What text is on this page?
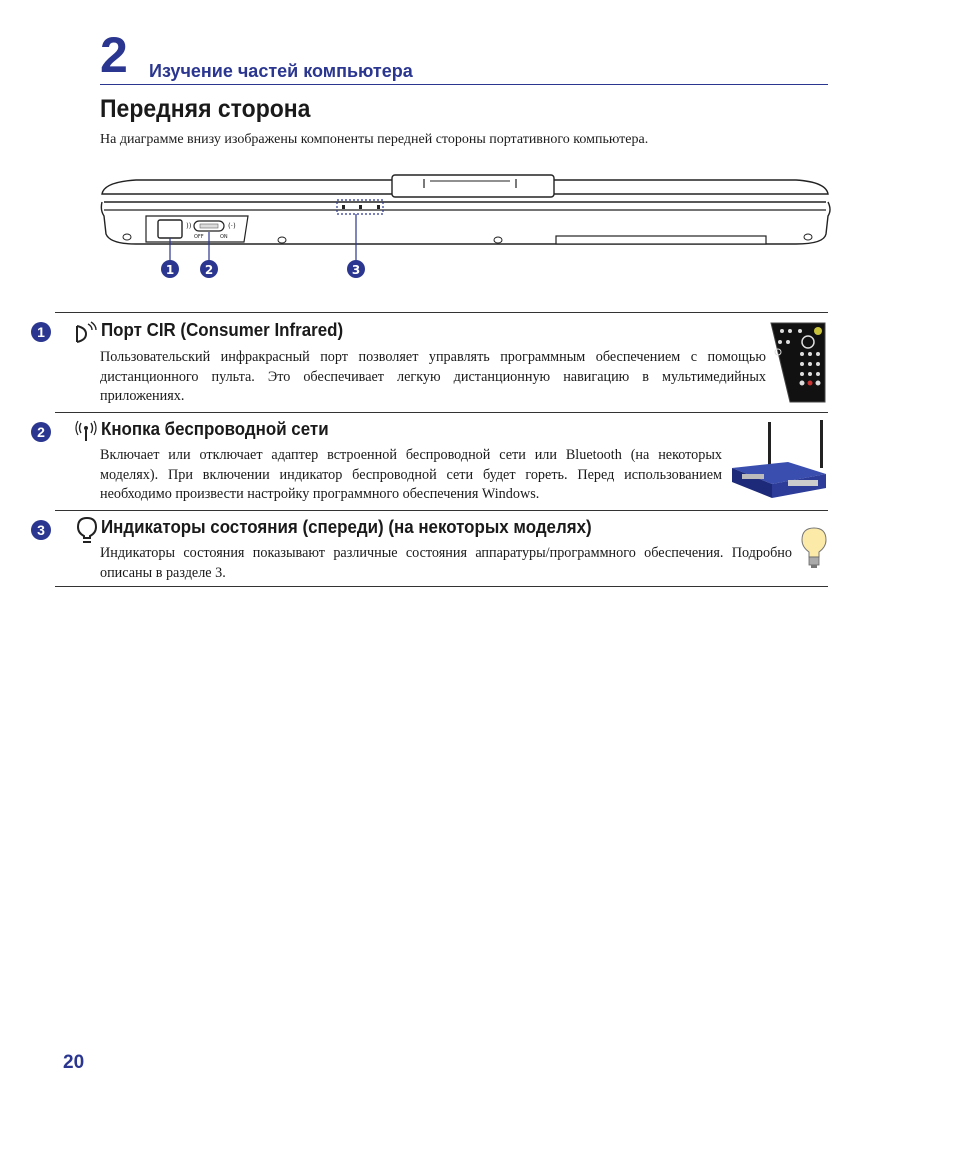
2 Изучение частей компьютера
Передняя сторона
На диаграмме внизу изображены компоненты передней стороны портативного компьютера.
))
OFF	ON
(·)
1	2	3
1	Порт CIR (Consumer Infrared)
Пользовательский инфракрасный порт позволяет управлять программным обеспечением с помощью дистанционного пульта. Это обеспечивает легкую дистанционную навигацию в мультимедийных приложениях.
2	Кнопка беспроводной сети
Включает или отключает адаптер встроенной беспроводной сети или Bluetooth (на некоторых моделях). При включении индикатор беспроводной сети будет гореть. Перед использованием необходимо произвести настройку программного обеспечения Windows.
3	Индикаторы состояния (спереди) (на некоторых моделях)
Индикаторы состояния показывают различные состояния аппаратуры/программного обеспечения. Подробно описаны в разделе 3.
20
